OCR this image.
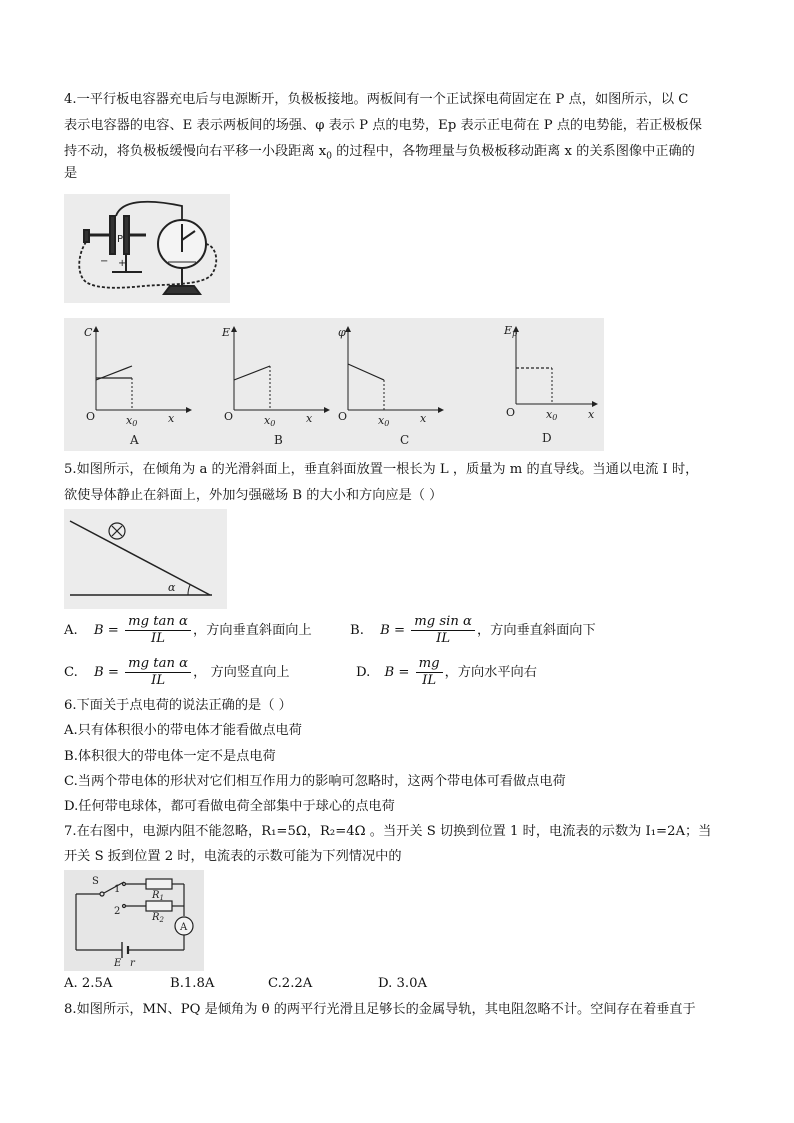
4.一平行板电容器充电后与电源断开，负极板接地。两板间有一个正试探电荷固定在 P 点，如图所示，以 C

表示电容器的电容、E 表示两板间的场强、φ 表示 P 点的电势，Ep 表示正电荷在 P 点的电势能，若正极板保

持不动，将负极板缓慢向右平移一小段距离 $x_0$ 的过程中，各物理量与负极板移动距离 x 的关系图像中正确的

是

P
− +
C
O	x
x0
A
E
O	x
x0
B
φ
O	x
x0
C
Ep
O	x
x0
D

5.如图所示，在倾角为 a 的光滑斜面上，垂直斜面放置一根长为 L ，质量为 m 的直导线。当通以电流 I 时，

欲使导体静止在斜面上，外加匀强磁场 B 的大小和方向应是（ ）

α
A. $B = \frac{\text{mg tan α}}{IL}$ ，方向垂直斜面向上	B. $B = \frac{\text{mg sin α}}{IL}$ ，方向垂直斜面向下
C. $B = \frac{\text{mg tan α}}{IL}$ ， 方向竖直向上	D. $B = \frac{mg}{IL}$ ，方向水平向右

6.下面关于点电荷的说法正确的是（ ）

A.只有体积很小的带电体才能看做点电荷

B.体积很大的带电体一定不是点电荷

C.当两个带电体的形状对它们相互作用力的影响可忽略时，这两个带电体可看做点电荷

D.任何带电球体，都可看做电荷全部集中于球心的点电荷

7.在右图中，电源内阻不能忽略，R₁=5Ω，R₂=4Ω 。当开关 S 切换到位置 1 时，电流表的示数为 I₁=2A；当

开关 S 扳到位置 2 时，电流表的示数可能为下列情况中的

S
1
2
$R_1$
$R_2$
A
E r

A. 2.5A	B.1.8A	C.2.2A	D. 3.0A

8.如图所示，MN、PQ 是倾角为 θ 的两平行光滑且足够长的金属导轨，其电阻忽略不计。空间存在着垂直于
